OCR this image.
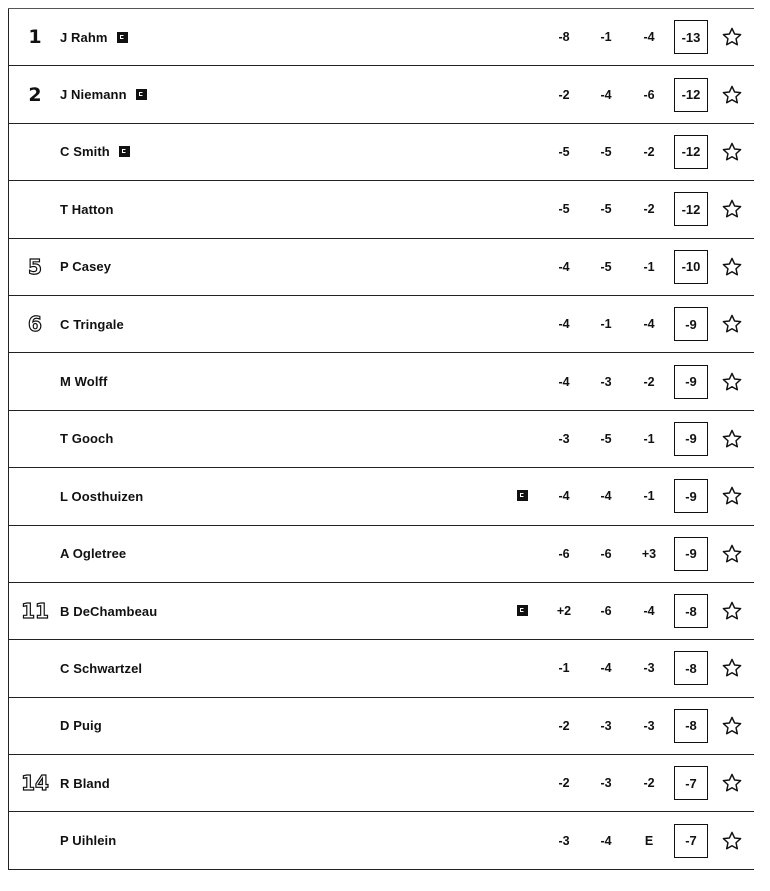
1	J Rahm	-8	-1	-4	-13
2	J Niemann	-2	-4	-6	-12
C Smith	-5	-5	-2	-12
T Hatton	-5	-5	-2	-12
5	P Casey	-4	-5	-1	-10
6	C Tringale	-4	-1	-4	-9
M Wolff	-4	-3	-2	-9
T Gooch	-3	-5	-1	-9
L Oosthuizen	-4	-4	-1	-9
A Ogletree	-6	-6	+3	-9
11 B DeChambeau	+2	-6	-4	-8
C Schwartzel	-1	-4	-3	-8
D Puig	-2	-3	-3	-8
14 R Bland	-2	-3	-2	-7
P Uihlein	-3	-4	E	-7
